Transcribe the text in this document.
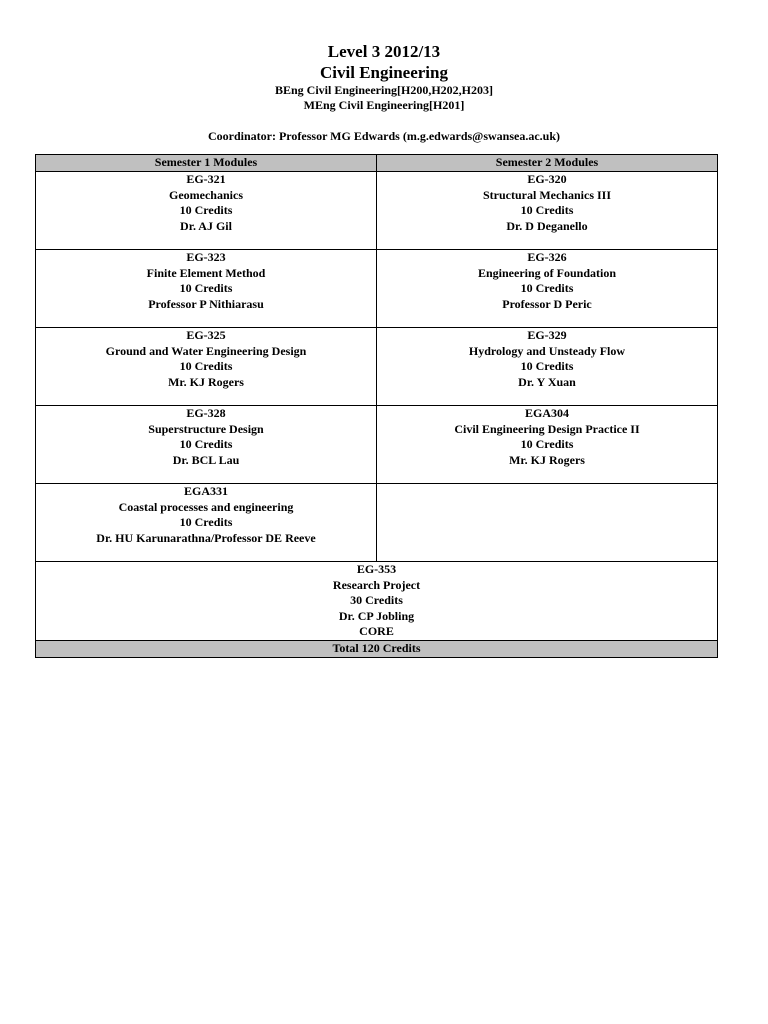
Level 3 2012/13
Civil Engineering
BEng Civil Engineering[H200,H202,H203]
MEng Civil Engineering[H201]
Coordinator: Professor MG Edwards (m.g.edwards@swansea.ac.uk)
Semester 1 Modules	Semester 2 Modules

EG-321
Geomechanics
10 Credits
Dr. AJ Gil	EG-320
Structural Mechanics III
10 Credits
Dr. D Deganello

EG-323
Finite Element Method
10 Credits
Professor P Nithiarasu	EG-326
Engineering of Foundation
10 Credits
Professor D Peric

EG-325
Ground and Water Engineering Design
10 Credits
Mr. KJ Rogers	EG-329
Hydrology and Unsteady Flow
10 Credits
Dr. Y Xuan

EG-328
Superstructure Design
10 Credits
Dr. BCL Lau	EGA304
Civil Engineering Design Practice II
10 Credits
Mr. KJ Rogers

EGA331
Coastal processes and engineering
10 Credits
Dr. HU Karunarathna/Professor DE Reeve	

EG-353
Research Project
30 Credits
Dr. CP Jobling
CORE	

Total 120 Credits	
